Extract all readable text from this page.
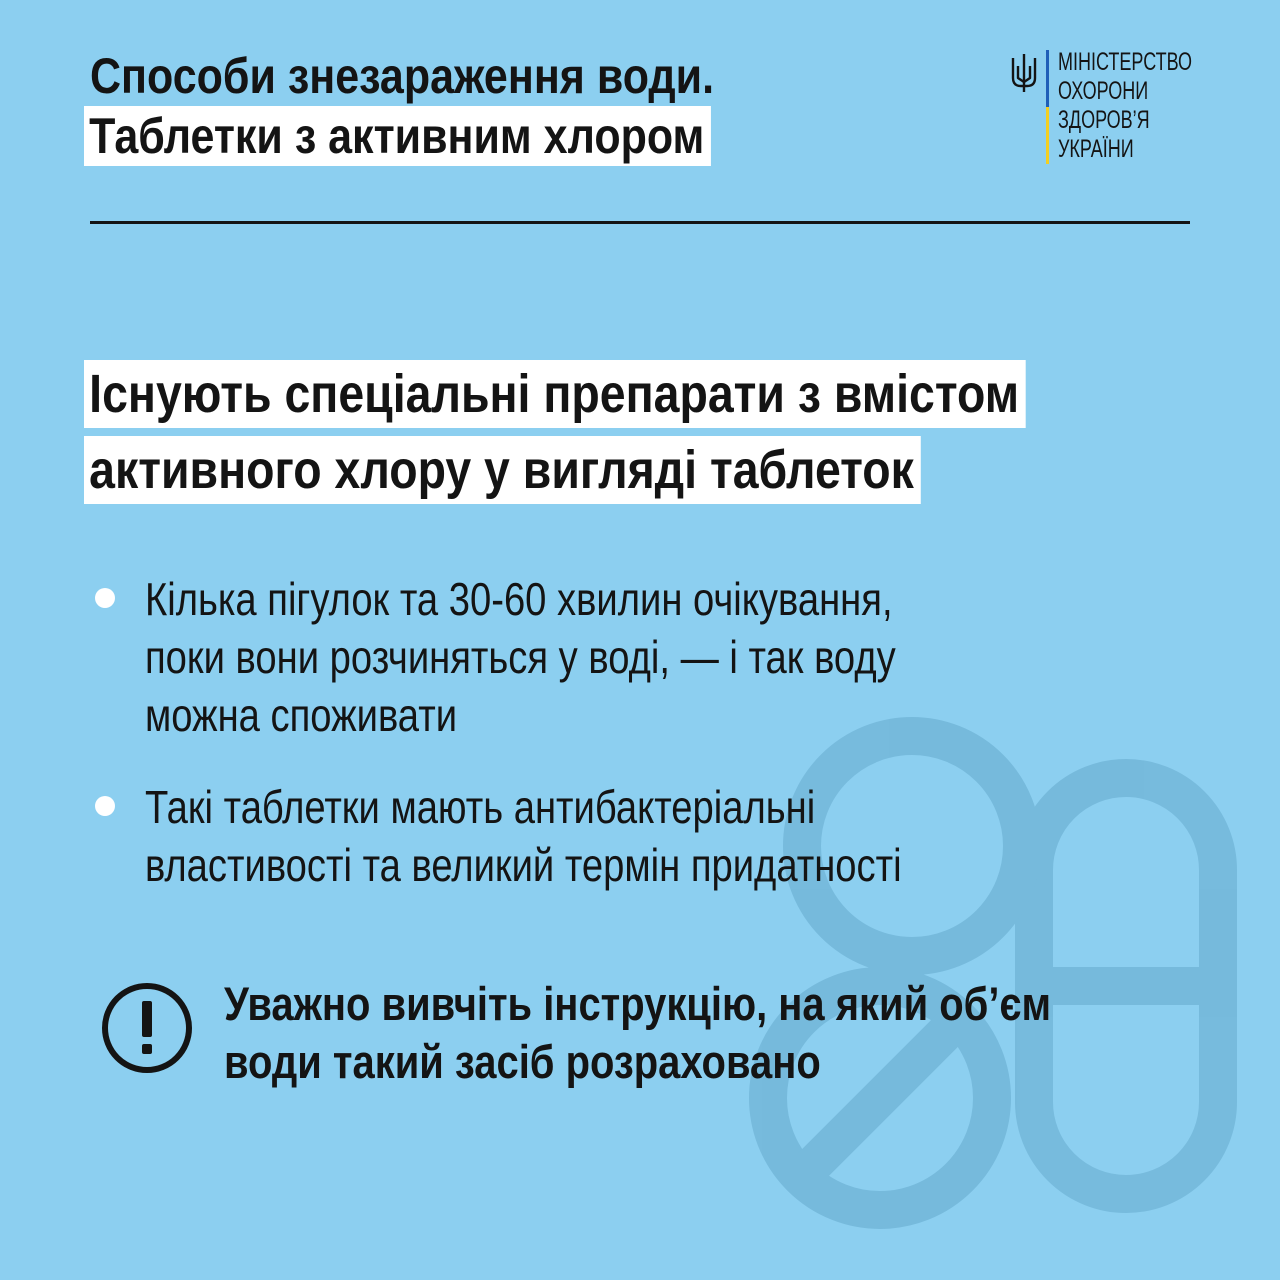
Способи знезараження води.
Таблетки з активним хлором
МІНІСТЕРСТВО
ОХОРОНИ
ЗДОРОВ’Я
УКРАЇНИ
Існують спеціальні препарати з вмістом
активного хлору у вигляді таблеток
Кілька пігулок та 30-60 хвилин очікування,
поки вони розчиняться у воді, — і так воду
можна споживати
Такі таблетки мають антибактеріальні
властивості та великий термін придатності
Уважно вивчіть інструкцію, на який об’єм
води такий засіб розраховано
